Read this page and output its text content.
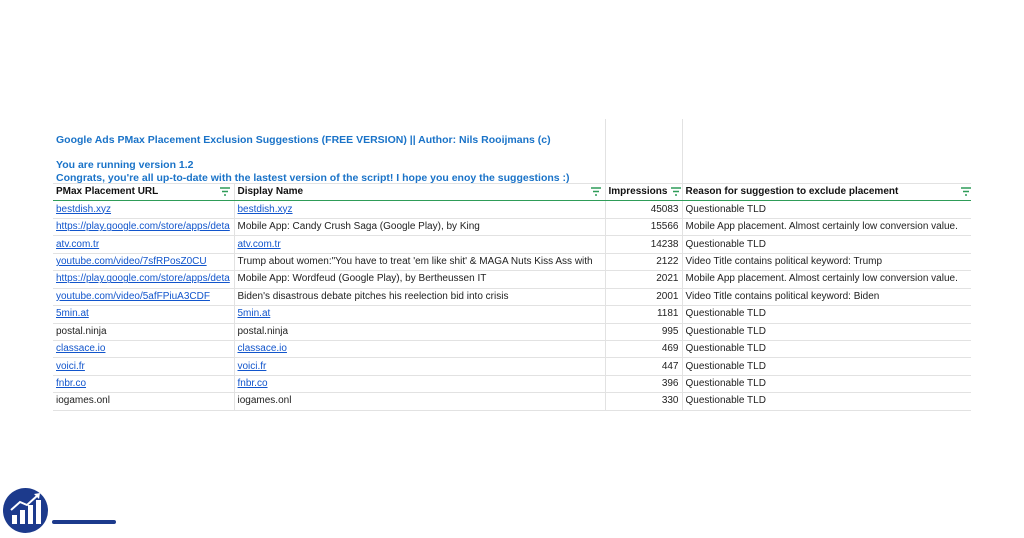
Google Ads PMax Placement Exclusion Suggestions (FREE VERSION) || Author: Nils Rooijmans (c)
You are running version 1.2
Congrats, you're all up-to-date with the lastest version of the script! I hope you enoy the suggestions :)
PMax Placement URL	Display Name	Impressions	Reason for suggestion to exclude placement

bestdish.xyz	bestdish.xyz	45083	Questionable TLD
https://play.google.com/store/apps/deta	Mobile App: Candy Crush Saga (Google Play), by King	15566	Mobile App placement. Almost certainly low conversion value.
atv.com.tr	atv.com.tr	14238	Questionable TLD
youtube.com/video/7sfRPosZ0CU	Trump about women:"You have to treat 'em like shit' & MAGA Nuts Kiss Ass with	2122	Video Title contains political keyword: Trump
https://play.google.com/store/apps/deta	Mobile App: Wordfeud (Google Play), by Bertheussen IT	2021	Mobile App placement. Almost certainly low conversion value.
youtube.com/video/5afFPiuA3CDF	Biden's disastrous debate pitches his reelection bid into crisis	2001	Video Title contains political keyword: Biden
5min.at	5min.at	1181	Questionable TLD
postal.ninja	postal.ninja	995	Questionable TLD
classace.io	classace.io	469	Questionable TLD
voici.fr	voici.fr	447	Questionable TLD
fnbr.co	fnbr.co	396	Questionable TLD
iogames.onl	iogames.onl	330	Questionable TLD
